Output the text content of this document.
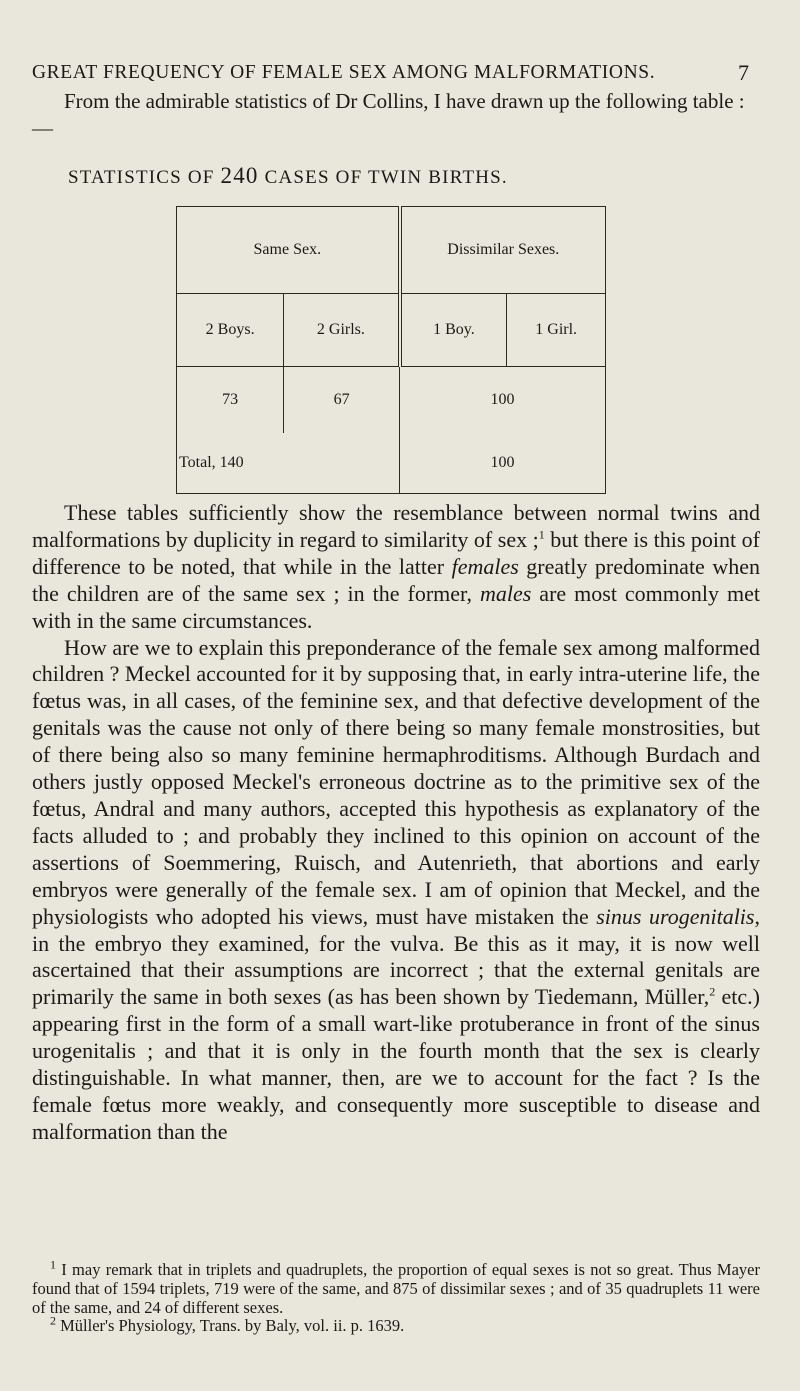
GREAT FREQUENCY OF FEMALE SEX AMONG MALFORMATIONS.	7
From the admirable statistics of Dr Collins, I have drawn up the following table :—
STATISTICS OF 240 CASES OF TWIN BIRTHS.
Same Sex.		Dissimilar Sexes.	
2 Boys.	2 Girls.	1 Boy.	1 Girl.
73	67	100	
Total, 140		100	

These tables sufficiently show the resemblance between normal twins and malformations by duplicity in regard to similarity of sex ;$^1$ but there is this point of difference to be noted, that while in the latter females greatly predominate when the children are of the same sex ; in the former, males are most commonly met with in the same circumstances.

How are we to explain this preponderance of the female sex among malformed children ? Meckel accounted for it by supposing that, in early intra-uterine life, the fœtus was, in all cases, of the feminine sex, and that defective development of the genitals was the cause not only of there being so many female monstrosities, but of there being also so many feminine hermaphroditisms. Although Burdach and others justly opposed Meckel's erroneous doctrine as to the primitive sex of the fœtus, Andral and many authors, accepted this hypothesis as explanatory of the facts alluded to ; and probably they inclined to this opinion on account of the assertions of Soemmering, Ruisch, and Autenrieth, that abortions and early embryos were generally of the female sex. I am of opinion that Meckel, and the physiologists who adopted his views, must have mistaken the sinus urogenitalis, in the embryo they examined, for the vulva. Be this as it may, it is now well ascertained that their assumptions are incorrect ; that the external genitals are primarily the same in both sexes (as has been shown by Tiedemann, Müller,$^2$ etc.) appearing first in the form of a small wart-like protuberance in front of the sinus urogenitalis ; and that it is only in the fourth month that the sex is clearly distinguishable. In what manner, then, are we to account for the fact ? Is the female fœtus more weakly, and consequently more susceptible to disease and malformation than the

$^1$ I may remark that in triplets and quadruplets, the proportion of equal sexes is not so great. Thus Mayer found that of 1594 triplets, 719 were of the same, and 875 of dissimilar sexes ; and of 35 quadruplets 11 were of the same, and 24 of different sexes.

$^2$ Müller's Physiology, Trans. by Baly, vol. ii. p. 1639.
